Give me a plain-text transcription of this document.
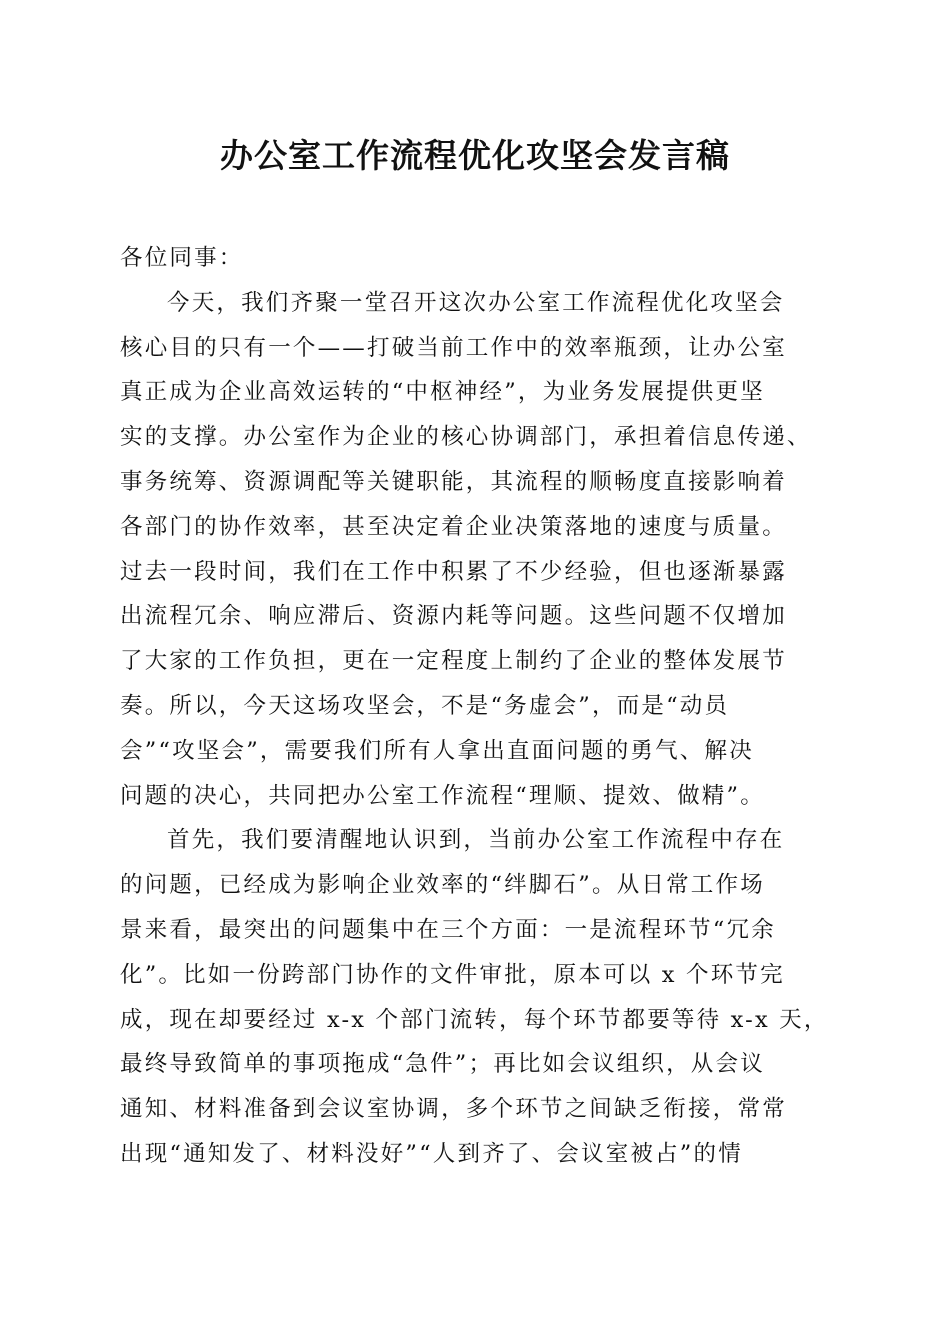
办公室工作流程优化攻坚会发言稿
各位同事：
今天，我们齐聚一堂召开这次办公室工作流程优化攻坚会
核心目的只有一个——打破当前工作中的效率瓶颈，让办公室
真正成为企业高效运转的“中枢神经”，为业务发展提供更坚
实的支撑。办公室作为企业的核心协调部门，承担着信息传递、
事务统筹、资源调配等关键职能，其流程的顺畅度直接影响着
各部门的协作效率，甚至决定着企业决策落地的速度与质量。
过去一段时间，我们在工作中积累了不少经验，但也逐渐暴露
出流程冗余、响应滞后、资源内耗等问题。这些问题不仅增加
了大家的工作负担，更在一定程度上制约了企业的整体发展节
奏。所以，今天这场攻坚会，不是“务虚会”，而是“动员
会”“攻坚会”，需要我们所有人拿出直面问题的勇气、解决
问题的决心，共同把办公室工作流程“理顺、提效、做精”。
首先，我们要清醒地认识到，当前办公室工作流程中存在
的问题，已经成为影响企业效率的“绊脚石”。从日常工作场
景来看，最突出的问题集中在三个方面：一是流程环节“冗余
化”。比如一份跨部门协作的文件审批，原本可以 x 个环节完
成，现在却要经过 x-x 个部门流转，每个环节都要等待 x-x 天，
最终导致简单的事项拖成“急件”；再比如会议组织，从会议
通知、材料准备到会议室协调，多个环节之间缺乏衔接，常常
出现“通知发了、材料没好”“人到齐了、会议室被占”的情
